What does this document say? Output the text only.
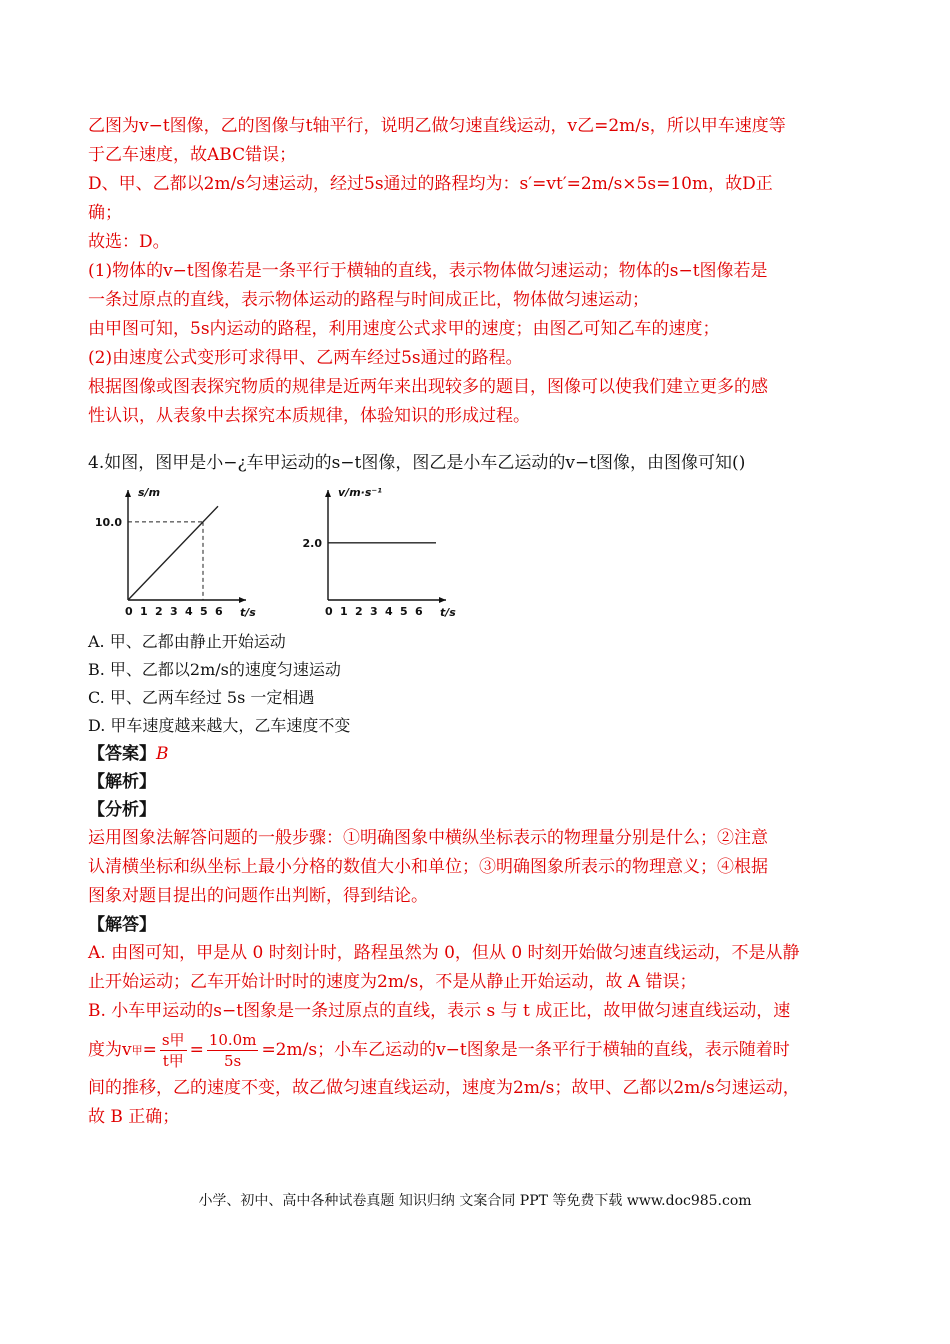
乙图为v−t图像，乙的图像与t轴平行，说明乙做匀速直线运动，v乙=2m/s，所以甲车速度等

于乙车速度，故ABC错误；

D、甲、乙都以2m/s匀速运动，经过5s通过的路程均为：s′=vt′=2m/s×5s=10m，故D正

确；

故选：D。

(1)物体的v−t图像若是一条平行于横轴的直线，表示物体做匀速运动；物体的s−t图像若是

一条过原点的直线，表示物体运动的路程与时间成正比，物体做匀速运动；

由甲图可知，5s内运动的路程，利用速度公式求甲的速度；由图乙可知乙车的速度；

(2)由速度公式变形可求得甲、乙两车经过5s通过的路程。

根据图像或图表探究物质的规律是近两年来出现较多的题目，图像可以使我们建立更多的感

性认识，从表象中去探究本质规律，体验知识的形成过程。

4.如图，图甲是小−¿车甲运动的s−t图像，图乙是小车乙运动的v−t图像，由图像可知()

s/m
t/s
0 1 2 3 4 5 6
10.0
v/m·s⁻¹
t/s
0 1 2 3 4 5 6
2.0

A. 甲、乙都由静止开始运动

B. 甲、乙都以2m/s的速度匀速运动

C. 甲、乙两车经过 5s 一定相遇

D. 甲车速度越来越大，乙车速度不变

【答案】B

【解析】

【分析】

运用图象法解答问题的一般步骤：①明确图象中横纵坐标表示的物理量分别是什么；②注意

认清横坐标和纵坐标上最小分格的数值大小和单位；③明确图象所表示的物理意义；④根据

图象对题目提出的问题作出判断，得到结论。

【解答】

A. 由图可知，甲是从 0 时刻计时，路程虽然为 0，但从 0 时刻开始做匀速直线运动，不是从静

止开始运动；乙车开始计时时的速度为2m/s，不是从静止开始运动，故 A 错误；

B. 小车甲运动的s−t图象是一条过原点的直线，表示 s 与 t 成正比，故甲做匀速直线运动，速

度为v 甲 = $\frac{\text{s甲}}{\text{t甲}} = \frac{10.0m}{5s} =2m/s$；小车乙运动的v−t图象是一条平行于横轴的直线，表示随着时

间的推移，乙的速度不变，故乙做匀速直线运动，速度为2m/s；故甲、乙都以2m/s匀速运动，

故 B 正确；

小学、初中、高中各种试卷真题 知识归纳 文案合同 PPT 等免费下载 www.doc985.com
